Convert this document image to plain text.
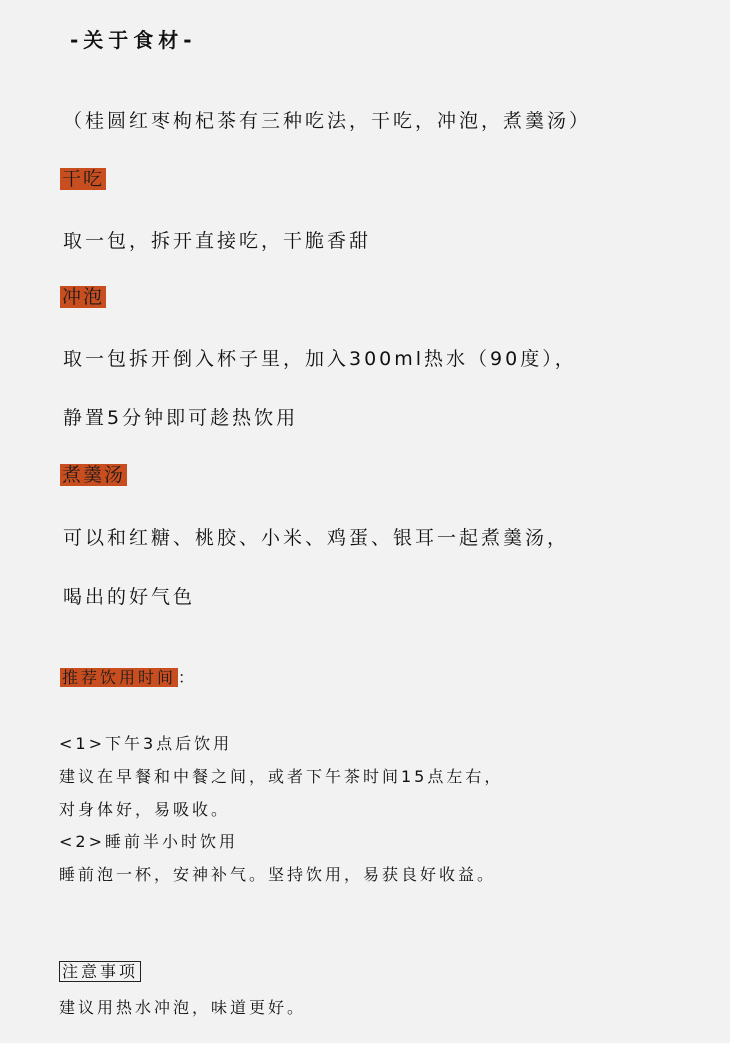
-关于食材-
（桂圆红枣枸杞茶有三种吃法，干吃，冲泡，煮羹汤）
干吃
取一包，拆开直接吃，干脆香甜
冲泡
取一包拆开倒入杯子里，加入300ml热水（90度），
静置5分钟即可趁热饮用
煮羹汤
可以和红糖、桃胶、小米、鸡蛋、银耳一起煮羹汤，
喝出的好气色
推荐饮用时间 ：
<1>下午3点后饮用
建议在早餐和中餐之间，或者下午茶时间15点左右，
对身体好，易吸收。
<2>睡前半小时饮用
睡前泡一杯，安神补气。坚持饮用，易获良好收益。
注意事项
建议用热水冲泡，味道更好。
